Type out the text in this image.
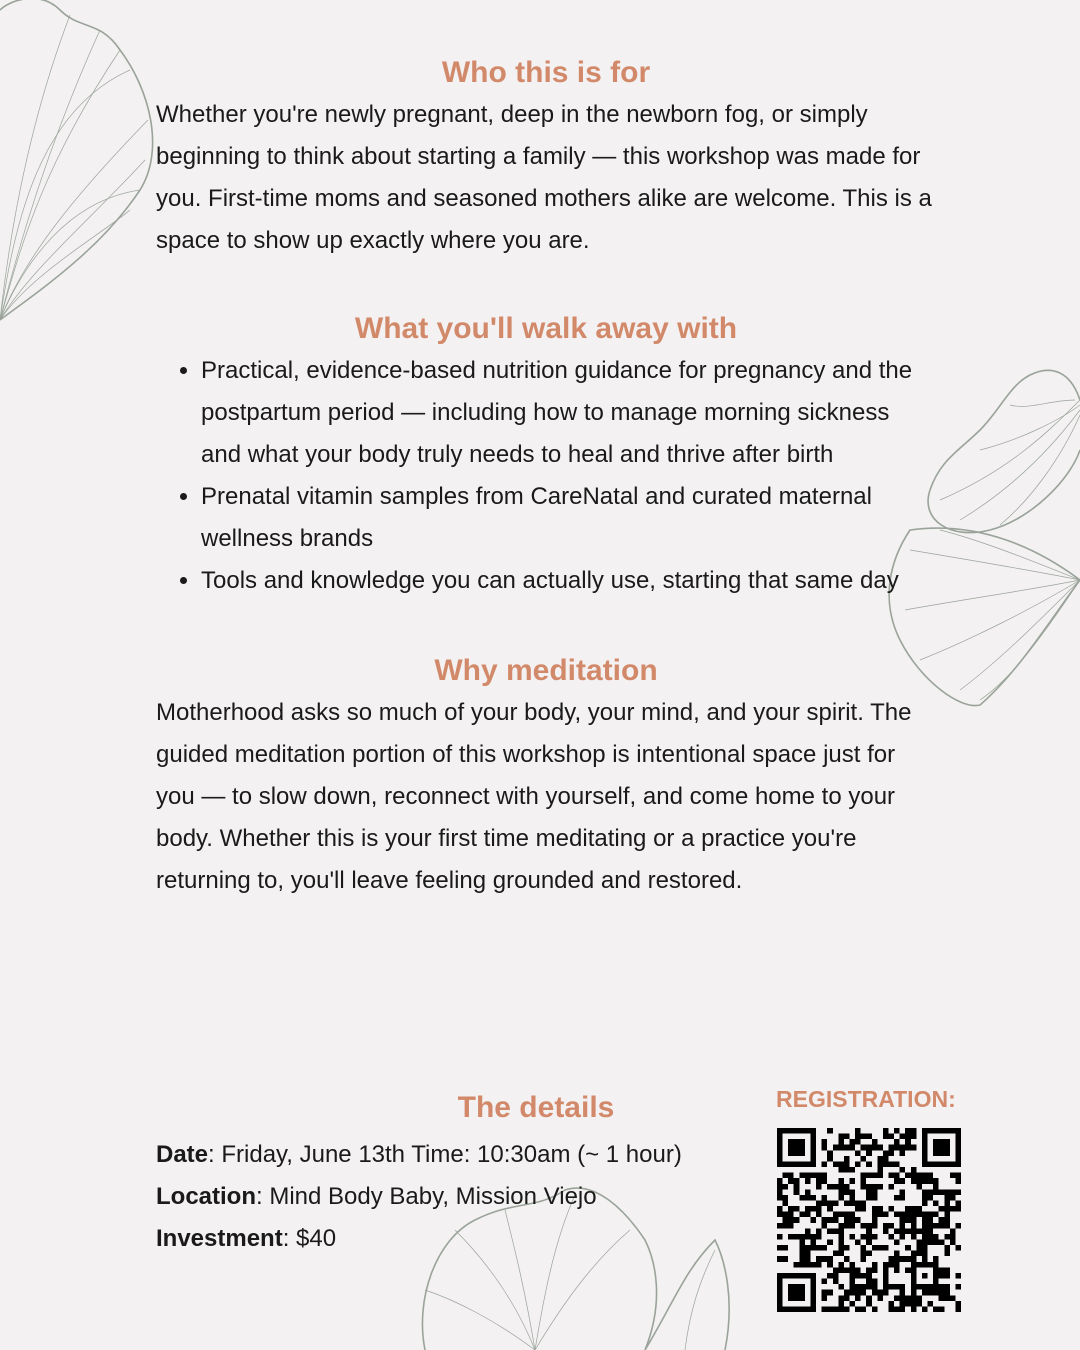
Who this is for

Whether you're newly pregnant, deep in the newborn fog, or simply beginning to think about starting a family — this workshop was made for you. First-time moms and seasoned mothers alike are welcome. This is a space to show up exactly where you are.

What you'll walk away with
• Practical, evidence-based nutrition guidance for pregnancy and the postpartum period — including how to manage morning sickness and what your body truly needs to heal and thrive after birth
• Prenatal vitamin samples from CareNatal and curated maternal wellness brands
• Tools and knowledge you can actually use, starting that same day
Why meditation

Motherhood asks so much of your body, your mind, and your spirit. The guided meditation portion of this workshop is intentional space just for you — to slow down, reconnect with yourself, and come home to your body. Whether this is your first time meditating or a practice you're returning to, you'll leave feeling grounded and restored.

The details
Date: Friday, June 13th Time: 10:30am (~ 1 hour)
Location: Mind Body Baby, Mission Viejo
Investment: $40
REGISTRATION:
